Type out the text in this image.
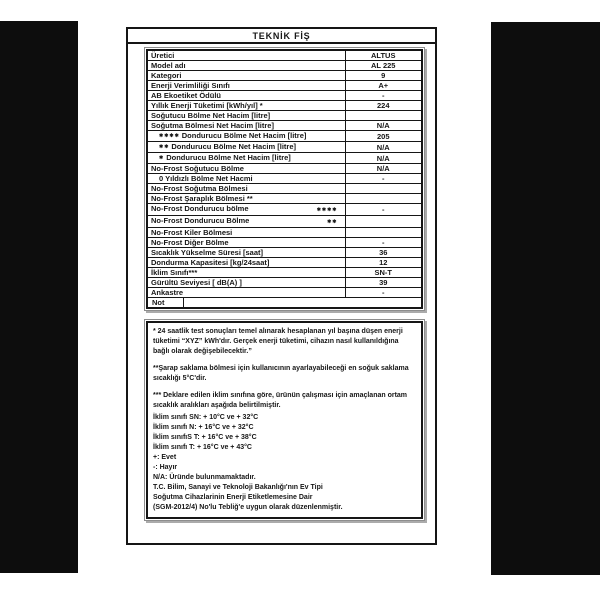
TEKNİK FİŞ
Üretici		ALTUS
Model adı		AL 225
Kategori		9
Enerji Verimliliği Sınıfı		A+
AB Ekoetiket Ödülü		-
Yıllık Enerji Tüketimi [kWh/yıl] *		224
Soğutucu Bölme Net Hacim [litre]		
Soğutma Bölmesi Net Hacim [litre]		N/A
✱✱✱✱ Dondurucu Bölme Net Hacim [litre]		205
✱✱ Dondurucu Bölme Net Hacim [litre]		N/A
✱ Dondurucu Bölme Net Hacim [litre]		N/A
No-Frost Soğutucu Bölme		N/A
0 Yıldızlı Bölme Net Hacmi		-
No-Frost Soğutma Bölmesi		
No-Frost Şaraplık Bölmesi **		
No-Frost Dondurucu bölme ✱✱✱✱		-
No-Frost Dondurucu Bölme ✱✱		

No-Frost Kiler Bölmesi		
No-Frost Diğer Bölme		-
Sıcaklık Yükselme Süresi [saat]		36
Dondurma Kapasitesi [kg/24saat]		12
İklim Sınıfı***		SN-T
Gürültü Seviyesi [ dB(A) ]		39
Ankastre		-
Not		
* 24 saatlik test sonuçları temel alınarak hesaplanan yıl başına düşen enerji tüketimi “XYZ” kWh'dır. Gerçek enerji tüketimi, cihazın nasıl kullanıldığına bağlı olarak değişebilecektir.”
**Şarap saklama bölmesi için kullanıcının ayarlayabileceği en soğuk saklama sıcaklığı 5°C'dir.
*** Deklare edilen iklim sınıfına göre, ürünün çalışması için amaçlanan ortam sıcaklık aralıkları aşağıda belirtilmiştir.
İklim sınıfı SN: + 10°C ve + 32°C
İklim sınıfı N: + 16°C ve + 32°C
İklim sınıfıS T: + 16°C ve + 38°C
İklim sınıfı T: + 16°C ve + 43°C
+: Evet
-: Hayır
N/A: Üründe bulunmamaktadır.
T.C. Bilim, Sanayi ve Teknoloji Bakanlığı'nın Ev Tipi
Soğutma Cihazlarinin Enerji Etiketlemesine Dair
(SGM-2012/4) No'lu Tebliğ'e uygun olarak düzenlenmiştir.
